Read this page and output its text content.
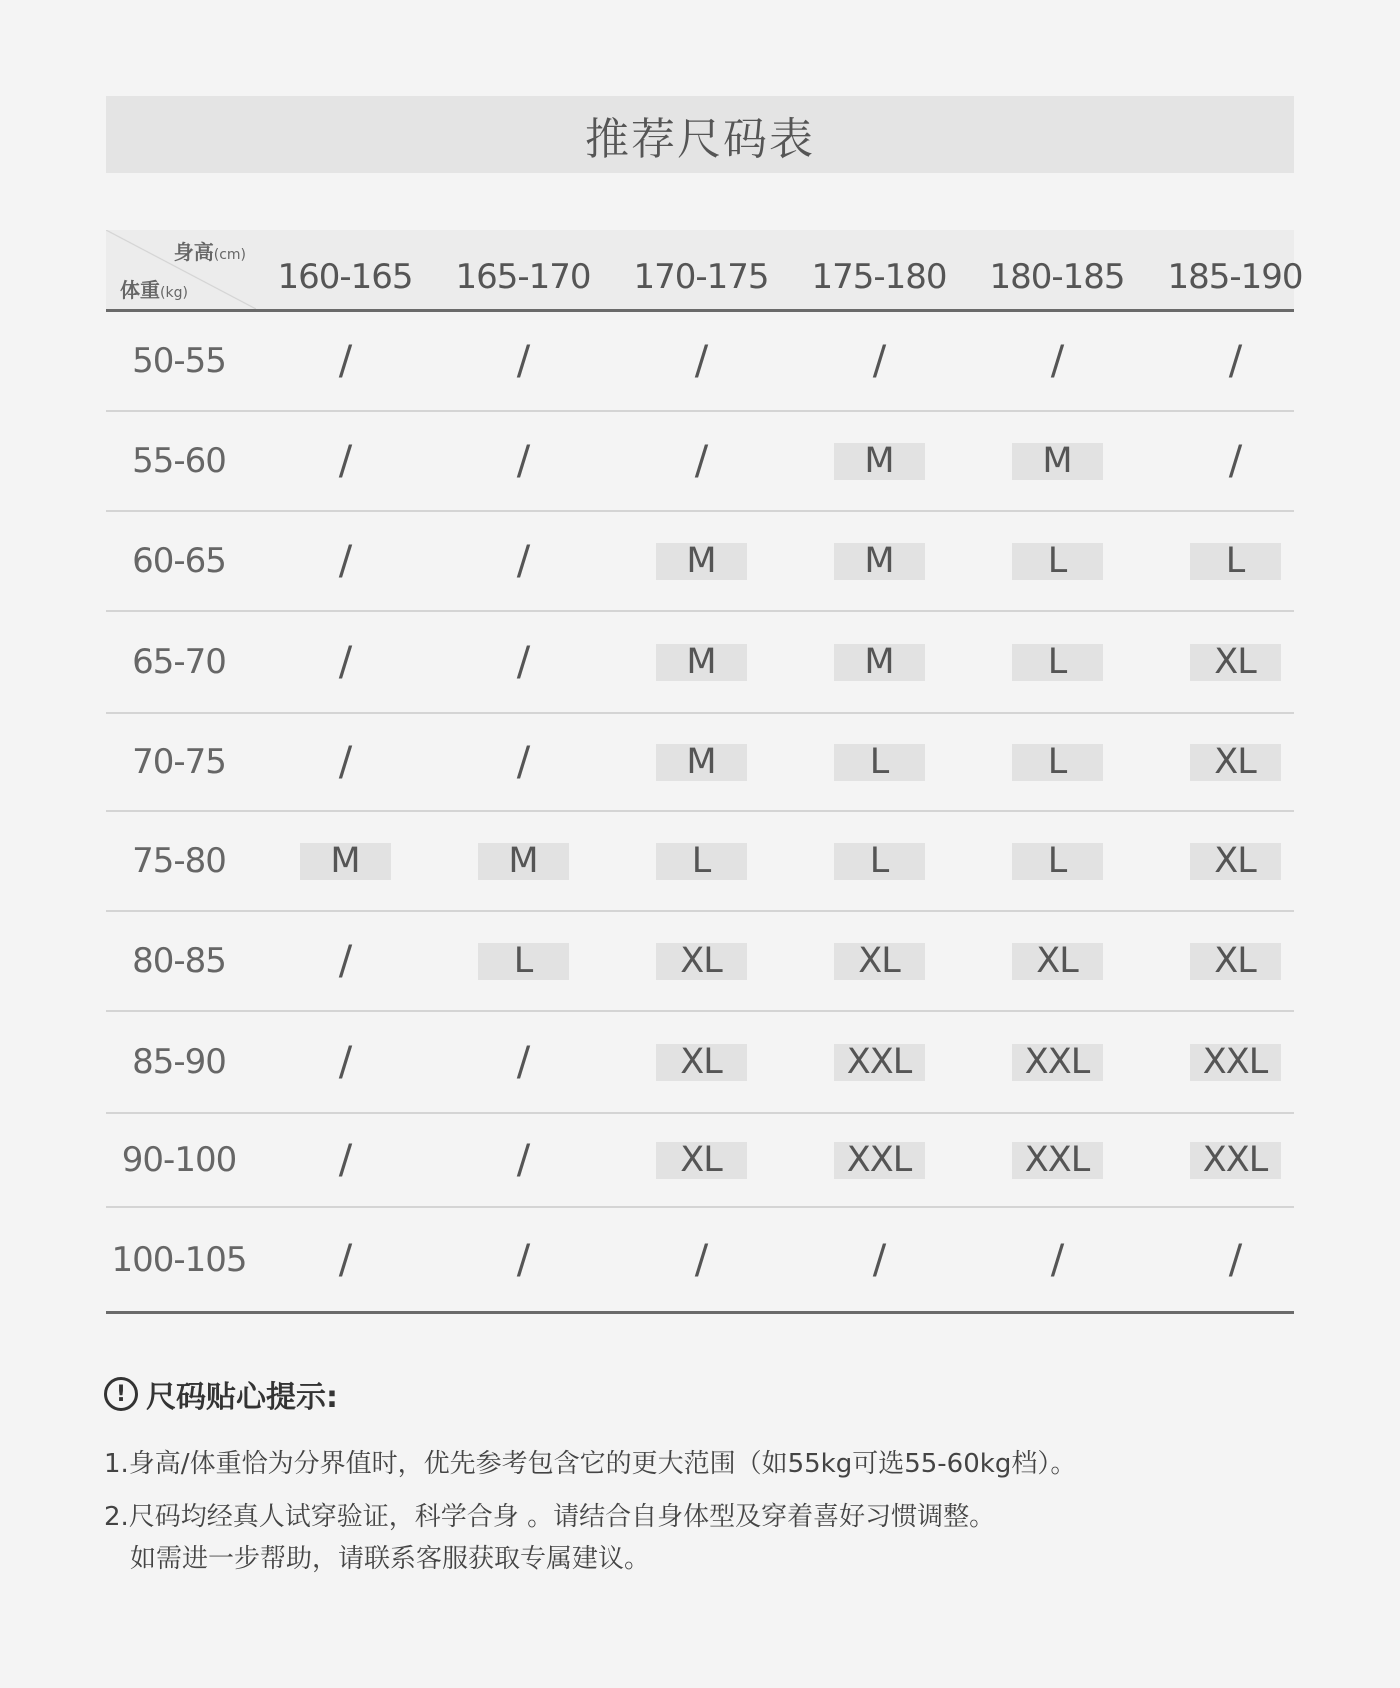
推荐尺码表
身高(cm)
体重(kg)	160-165	165-170	170-175	175-180	180-185	185-190
50-55	/	/	/	/	/	/
55-60	/	/	/	M	M	/
60-65	/	/	M	M	L	L
65-70	/	/	M	M	L	XL
70-75	/	/	M	L	L	XL
75-80	M	M	L	L	L	XL
80-85	/	L	XL	XL	XL	XL
85-90	/	/	XL	XXL	XXL	XXL
90-100	/	/	XL	XXL	XXL	XXL
100-105 /	/	/	/	/	/
! 尺码贴心提示:
1.身高/体重恰为分界值时，优先参考包含它的更大范围（如55kg可选55-60kg档）。
2.尺码均经真人试穿验证，科学合身 。请结合自身体型及穿着喜好习惯调整。
如需进一步帮助，请联系客服获取专属建议。
